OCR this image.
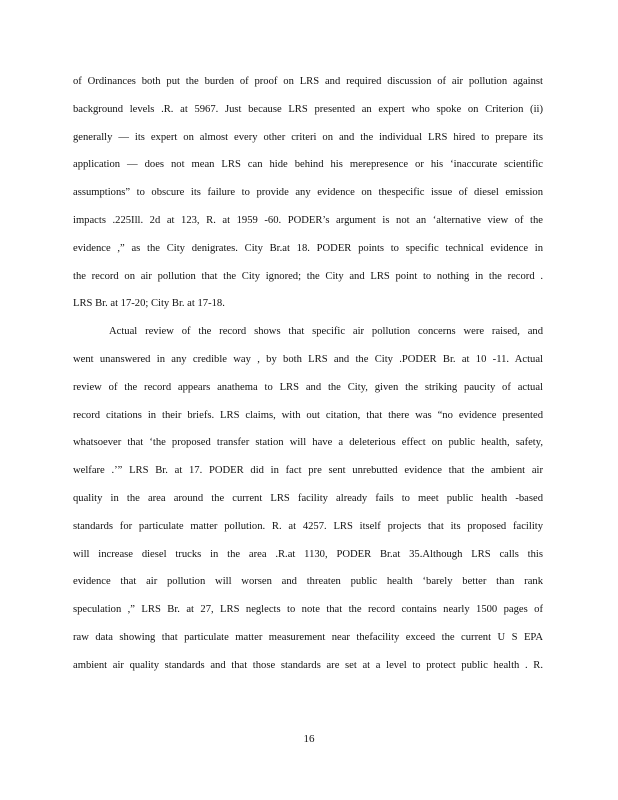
of Ordinances both put the burden of proof on LRS and required discussion of air pollution against
background levels .R. at 5967. Just because LRS presented an expert who spoke on Criterion (ii)
generally — its expert on almost every other criteri on and the individual LRS hired to prepare its
application — does not mean LRS can hide behind his merepresence or his ‘inaccurate scientific
assumptions” to obscure its failure to provide any evidence on thespecific issue of diesel emission
impacts .225Ill. 2d at 123, R. at 1959 -60. PODER’s argument is not an ‘alternative view of the
evidence ,” as the City denigrates. City Br.at 18. PODER points to specific technical evidence in
the record on air pollution that the City ignored; the City and LRS point to nothing in the record .
LRS Br. at 17-20; City Br. at 17-18.
Actual review of the record shows that specific air pollution concerns were raised, and
went unanswered in any credible way , by both LRS and the City .PODER Br. at 10 -11. Actual
review of the record appears anathema to LRS and the City, given the striking paucity of actual
record citations in their briefs. LRS claims, with out citation, that there was “no evidence presented
whatsoever that ‘the proposed transfer station will have a deleterious effect on public health, safety,
welfare .’” LRS Br. at 17. PODER did in fact pre sent unrebutted evidence that the ambient air
quality in the area around the current LRS facility already fails to meet public health -based
standards for particulate matter pollution. R. at 4257. LRS itself projects that its proposed facility
will increase diesel trucks in the area .R.at 1130, PODER Br.at 35.Although LRS calls this
evidence that air pollution will worsen and threaten public health ‘barely better than rank
speculation ,” LRS Br. at 27, LRS neglects to note that the record contains nearly 1500 pages of
raw data showing that particulate matter measurement near thefacility exceed the current U S EPA
ambient air quality standards and that those standards are set at a level to protect public health . R.
16
